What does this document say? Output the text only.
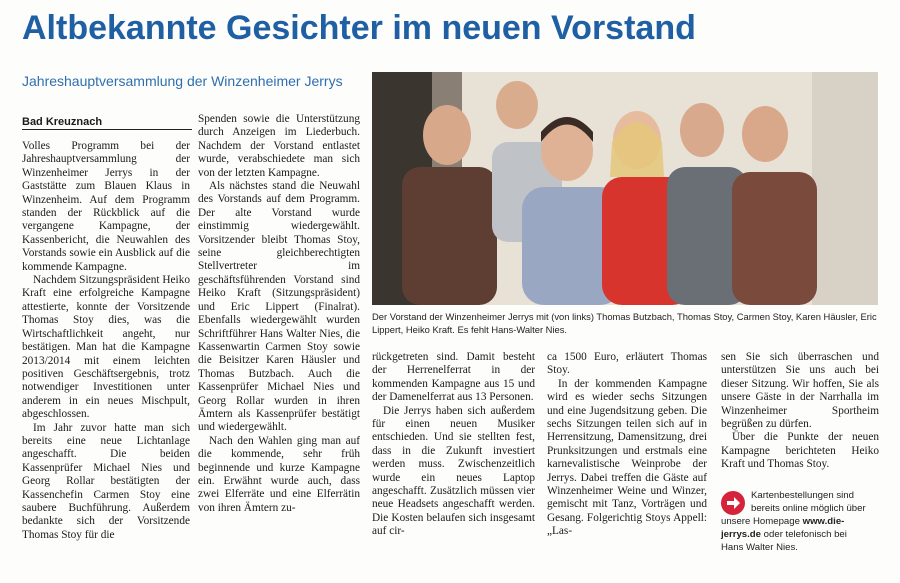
Altbekannte Gesichter im neuen Vorstand
Jahreshauptversammlung der Winzenheimer Jerrys
Bad Kreuznach

Volles Programm bei der Jahreshauptversammlung der Winzenheimer Jerrys in der Gaststätte zum Blauen Klaus in Winzenheim. Auf dem Programm standen der Rückblick auf die vergangene Kampagne, der Kassenbericht, die Neuwahlen des Vorstands sowie ein Ausblick auf die kommende Kampagne.

Nachdem Sitzungspräsident Heiko Kraft eine erfolgreiche Kampagne attestierte, konnte der Vorsitzende Thomas Stoy dies, was die Wirtschaftlichkeit angeht, nur bestätigen. Man hat die Kampagne 2013/2014 mit einem leichten positiven Geschäftsergebnis, trotz notwendiger Investitionen unter anderem in ein neues Mischpult, abgeschlossen.

Im Jahr zuvor hatte man sich bereits eine neue Lichtanlage angeschafft. Die beiden Kassenprüfer Michael Nies und Georg Rollar bestätigten der Kassenchefin Carmen Stoy eine saubere Buchführung. Außerdem bedankte sich der Vorsitzende Thomas Stoy für die

Spenden sowie die Unterstützung durch Anzeigen im Liederbuch. Nachdem der Vorstand entlastet wurde, verabschiedete man sich von der letzten Kampagne.

Als nächstes stand die Neuwahl des Vorstands auf dem Programm. Der alte Vorstand wurde einstimmig wiedergewählt. Vorsitzender bleibt Thomas Stoy, seine gleichberechtigten Stellvertreter im geschäftsführenden Vorstand sind Heiko Kraft (Sitzungspräsident) und Eric Lippert (Finalrat). Ebenfalls wiedergewählt wurden Schriftführer Hans Walter Nies, die Kassenwartin Carmen Stoy sowie die Beisitzer Karen Häusler und Thomas Butzbach. Auch die Kassenprüfer Michael Nies und Georg Rollar wurden in ihren Ämtern als Kassenprüfer bestätigt und wiedergewählt.

Nach den Wahlen ging man auf die kommende, sehr früh beginnende und kurze Kampagne ein. Erwähnt wurde auch, dass zwei Elferräte und eine Elferrätin von ihren Ämtern zu-

Der Vorstand der Winzenheimer Jerrys mit (von links) Thomas Butzbach, Thomas Stoy, Carmen Stoy, Karen Häusler, Eric Lippert, Heiko Kraft. Es fehlt Hans-Walter Nies.

rückgetreten sind. Damit besteht der Herrenelferrat in der kommenden Kampagne aus 15 und der Damenelferrat aus 13 Personen.

Die Jerrys haben sich außerdem für einen neuen Musiker entschieden. Und sie stellten fest, dass in die Zukunft investiert werden muss. Zwischenzeitlich wurde ein neues Laptop angeschafft. Zusätzlich müssen vier neue Headsets angeschafft werden. Die Kosten belaufen sich insgesamt auf cir-

ca 1500 Euro, erläutert Thomas Stoy.

In der kommenden Kampagne wird es wieder sechs Sitzungen und eine Jugendsitzung geben. Die sechs Sitzungen teilen sich auf in Herrensitzung, Damensitzung, drei Prunksitzungen und erstmals eine karnevalistische Weinprobe der Jerrys. Dabei treffen die Gäste auf Winzenheimer Weine und Winzer, gemischt mit Tanz, Vorträgen und Gesang. Folgerichtig Stoys Appell: „Las-

sen Sie sich überraschen und unterstützen Sie uns auch bei dieser Sitzung. Wir hoffen, Sie als unsere Gäste in der Narrhalla im Winzenheimer Sportheim begrüßen zu dürfen.

Über die Punkte der neuen Kampagne berichteten Heiko Kraft und Thomas Stoy.

Kartenbestellungen sind
bereits online möglich über
unsere Homepage www.die-
jerrys.de oder telefonisch bei
Hans Walter Nies.
